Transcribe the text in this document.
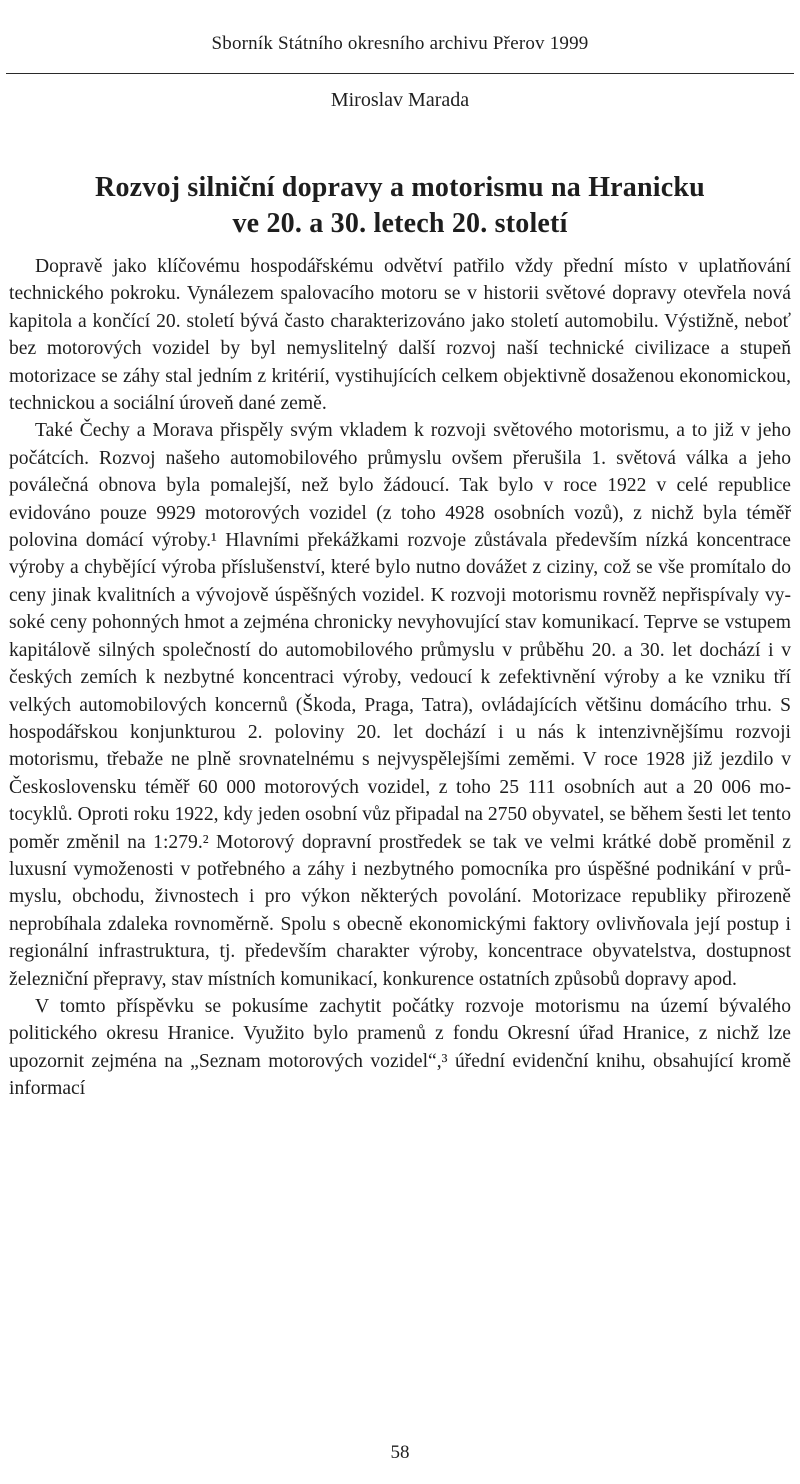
Sborník Státního okresního archivu Přerov 1999
Miroslav Marada
Rozvoj silniční dopravy a motorismu na Hranicku
ve 20. a 30. letech 20. století

Dopravě jako klíčovému hospodářskému odvětví patřilo vždy přední místo v uplatňování technického pokroku. Vynálezem spalovacího motoru se v historii světové dopravy otevřela nová kapitola a končící 20. století bývá často charakterizováno jako století automobilu. Výstižně, neboť bez motorových vozidel by byl nemyslitelný další rozvoj naší technické civilizace a stupeň motorizace se záhy stal jedním z kritérií, vystihujících celkem objektivně dosaženou ekonomickou, technickou a sociální úroveň dané země.

Také Čechy a Morava přispěly svým vkladem k rozvoji světového motorismu, a to již v jeho počátcích. Rozvoj našeho automobilového průmyslu ovšem přerušila 1. světová válka a jeho poválečná obnova byla pomalejší, než bylo žádoucí. Tak bylo v roce 1922 v celé republice evidováno pouze 9929 motorových vozidel (z toho 4928 osobních vozů), z nichž byla téměř polovina domácí výroby.¹ Hlavními překážkami rozvoje zůstávala především nízká koncentrace výroby a chybějící výroba příslušenství, které bylo nutno dovážet z ciziny, což se vše promítalo do ceny jinak kvalitních a vývojově úspěšných vozidel. K rozvoji motorismu rovněž nepřispívaly vysoké ceny pohonných hmot a zejména chronicky nevyhovující stav komunikací. Teprve se vstupem kapitálově silných společností do automobilového průmyslu v průběhu 20. a 30. let dochází i v českých zemích k nezbytné koncentraci výroby, vedoucí k zefektivnění výroby a ke vzniku tří velkých automobilových koncernů (Škoda, Praga, Tatra), ovládajících většinu domácího trhu. S hospodářskou konjunkturou 2. poloviny 20. let dochází i u nás k intenzivnějšímu rozvoji motorismu, třebaže ne plně srovnatelnému s nejvyspělejšími zeměmi. V roce 1928 již jezdilo v Československu téměř 60 000 motorových vozidel, z toho 25 111 osobních aut a 20 006 motocyklů. Oproti roku 1922, kdy jeden osobní vůz připadal na 2750 obyvatel, se během šesti let tento poměr změnil na 1:279.² Motorový dopravní prostředek se tak ve velmi krátké době proměnil z luxusní vymoženosti v potřebného a záhy i nezbytného pomocníka pro úspěšné podnikání v průmyslu, obchodu, živnostech i pro výkon některých povolání. Motorizace republiky přirozeně neprobíhala zdaleka rovnoměrně. Spolu s obecně ekonomickými faktory ovlivňovala její postup i regionální infrastruktura, tj. především charakter výroby, koncentrace obyvatelstva, dostupnost železniční přepravy, stav místních komunikací, konkurence ostatních způsobů dopravy apod.

V tomto příspěvku se pokusíme zachytit počátky rozvoje motorismu na území bývalého politického okresu Hranice. Využito bylo pramenů z fondu Okresní úřad Hranice, z nichž lze upozornit zejména na „Seznam motorových vozidel“,³ úřední evidenční knihu, obsahující kromě informací

58
